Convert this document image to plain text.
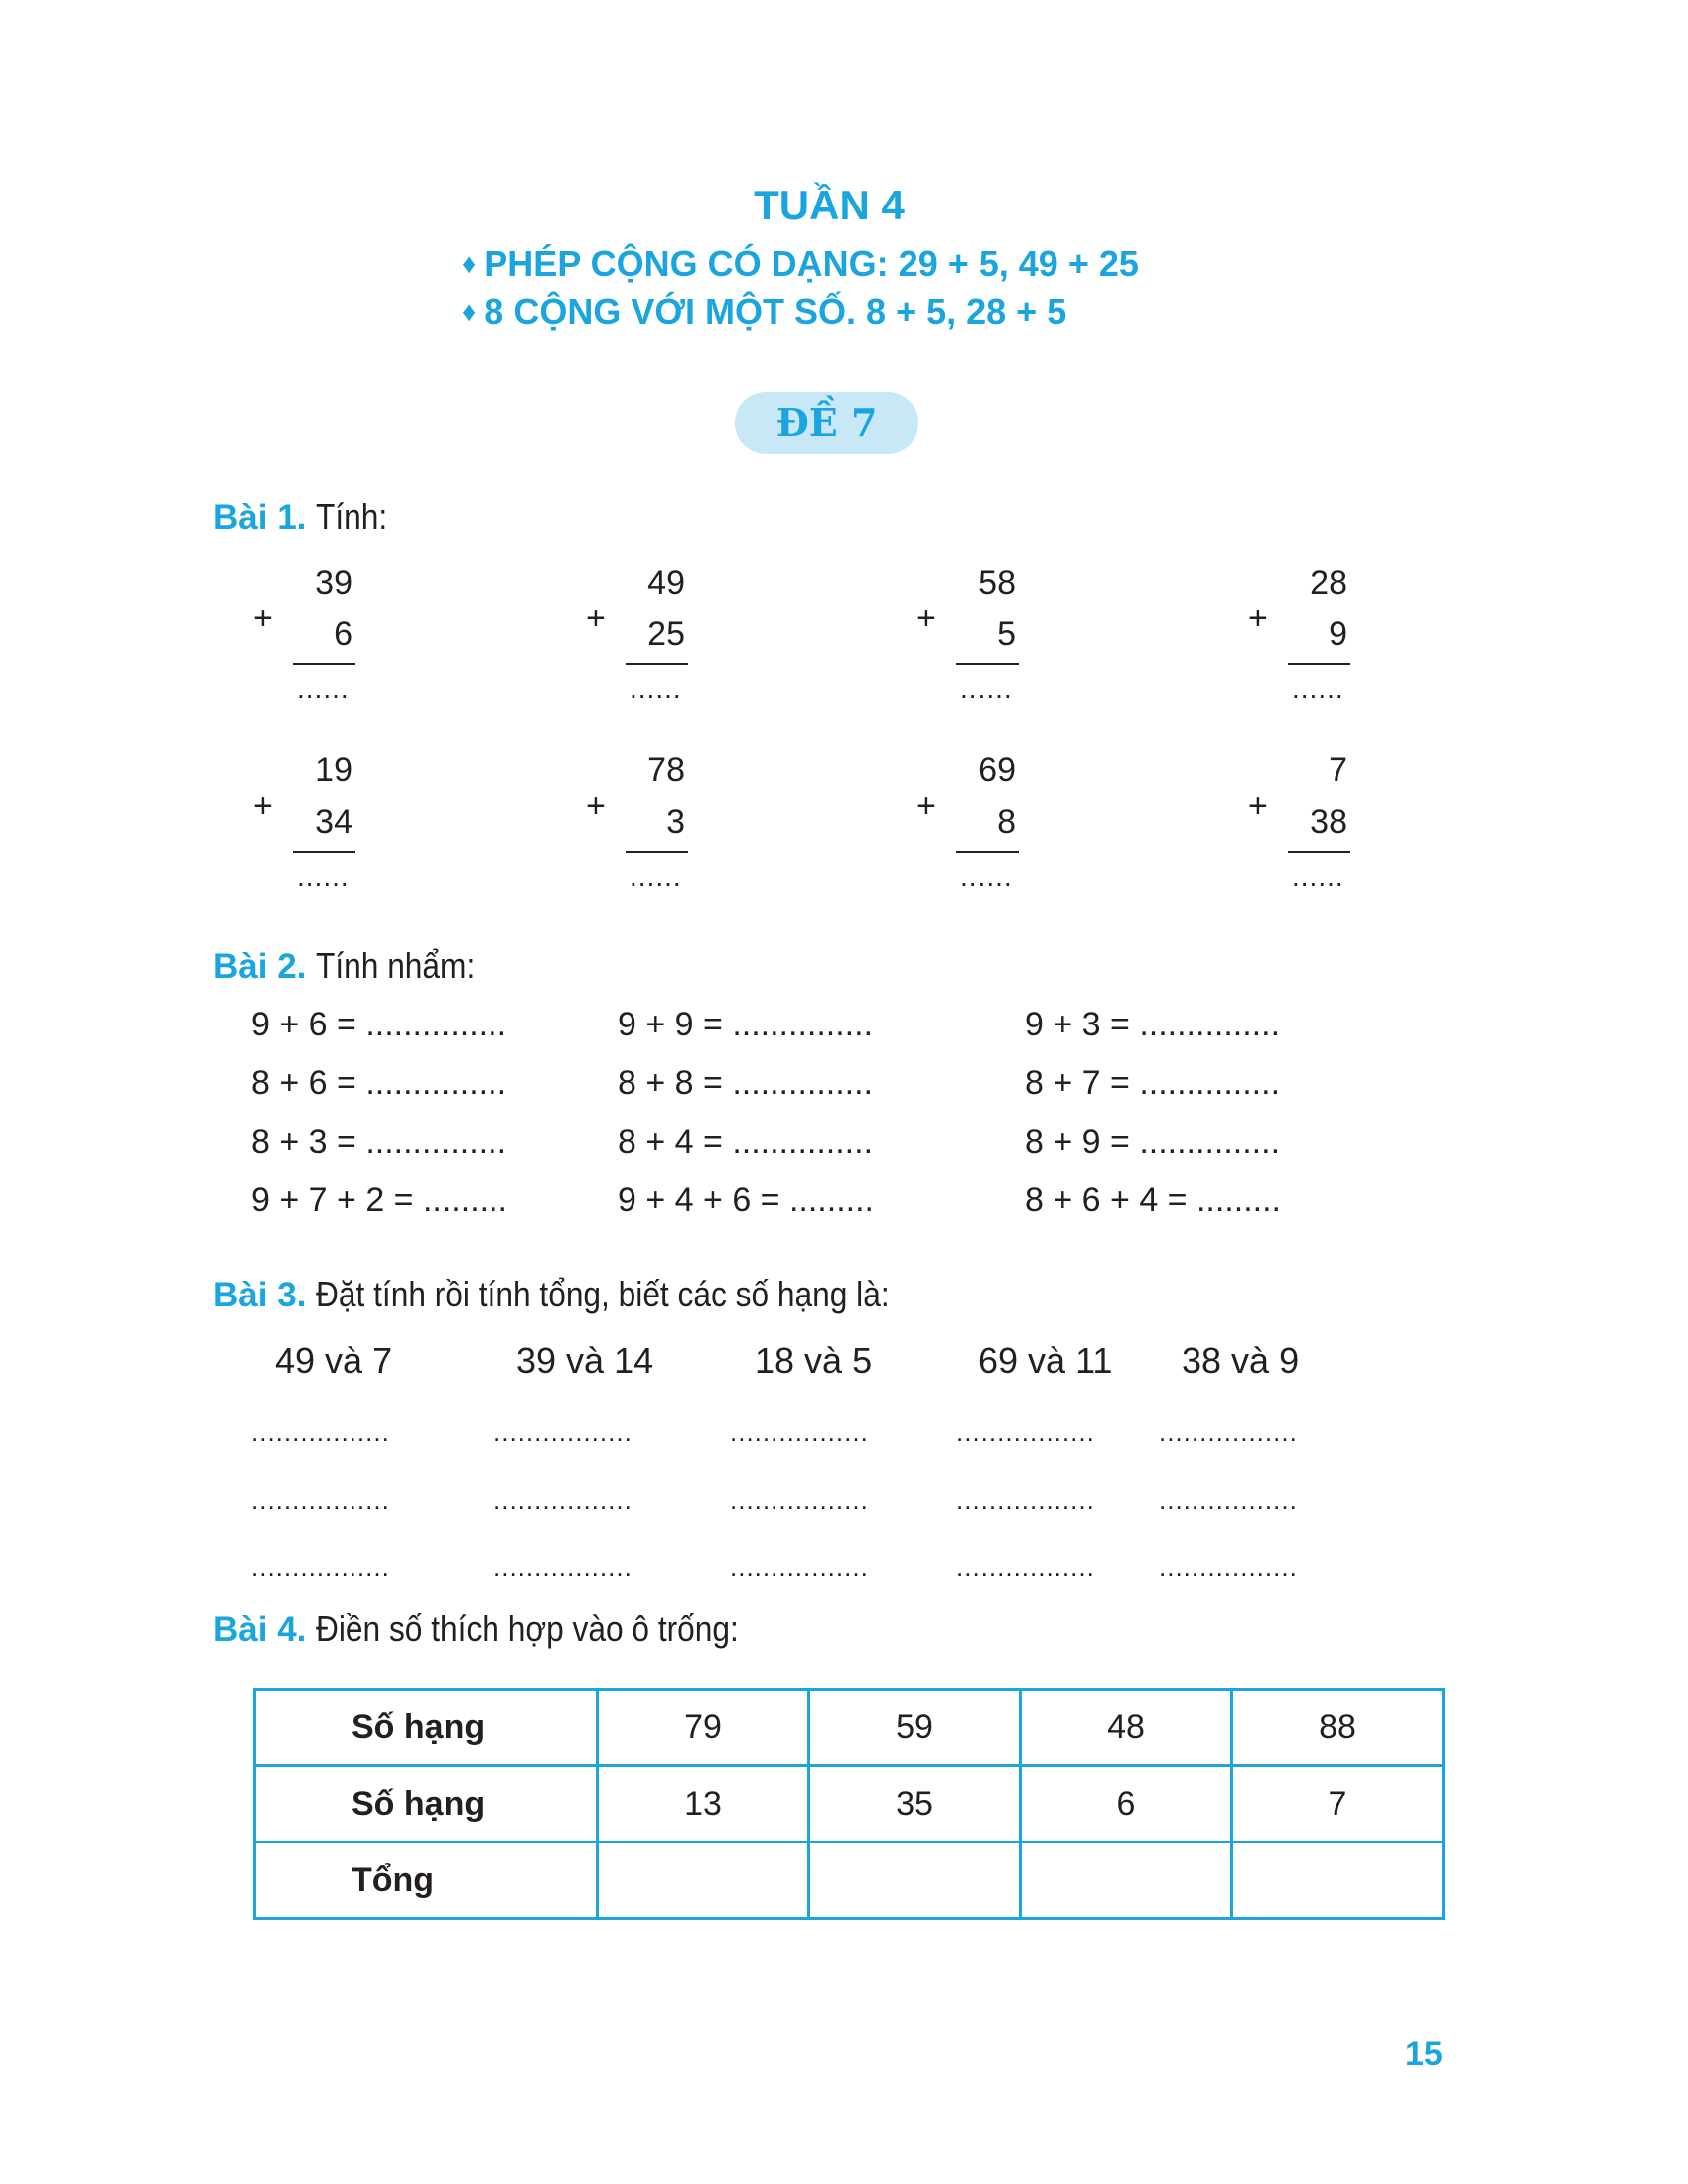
TUẦN 4
♦ PHÉP CỘNG CÓ DẠNG: 29 + 5, 49 + 25
♦ 8 CỘNG VỚI MỘT SỐ. 8 + 5, 28 + 5
ĐỀ 7
Bài 1. Tính:
+
39
6
......
+
49
25
......
+
58
5
......
+
28
9
......
+
19
34
......
+
78
3
......
+
69
8
......
+
7
38
......
Bài 2. Tính nhẩm:
9 + 6 = ...............	9 + 9 = ...............	9 + 3 = ...............
8 + 6 = ...............	8 + 8 = ...............	8 + 7 = ...............
8 + 3 = ...............	8 + 4 = ...............	8 + 9 = ...............
9 + 7 + 2 = .........	9 + 4 + 6 = .........	8 + 6 + 4 = .........
Bài 3. Đặt tính rồi tính tổng, biết các số hạng là:
49 và 7	39 và 14	18 và 5	69 và 11 38 và 9
.................	.................	.................	................. .................
.................	.................	.................	................. .................
.................	.................	.................	................. .................
Bài 4. Điền số thích hợp vào ô trống:
Số hạng	79	59	48	88
Số hạng	13	35	6	7
Tổng				
15
